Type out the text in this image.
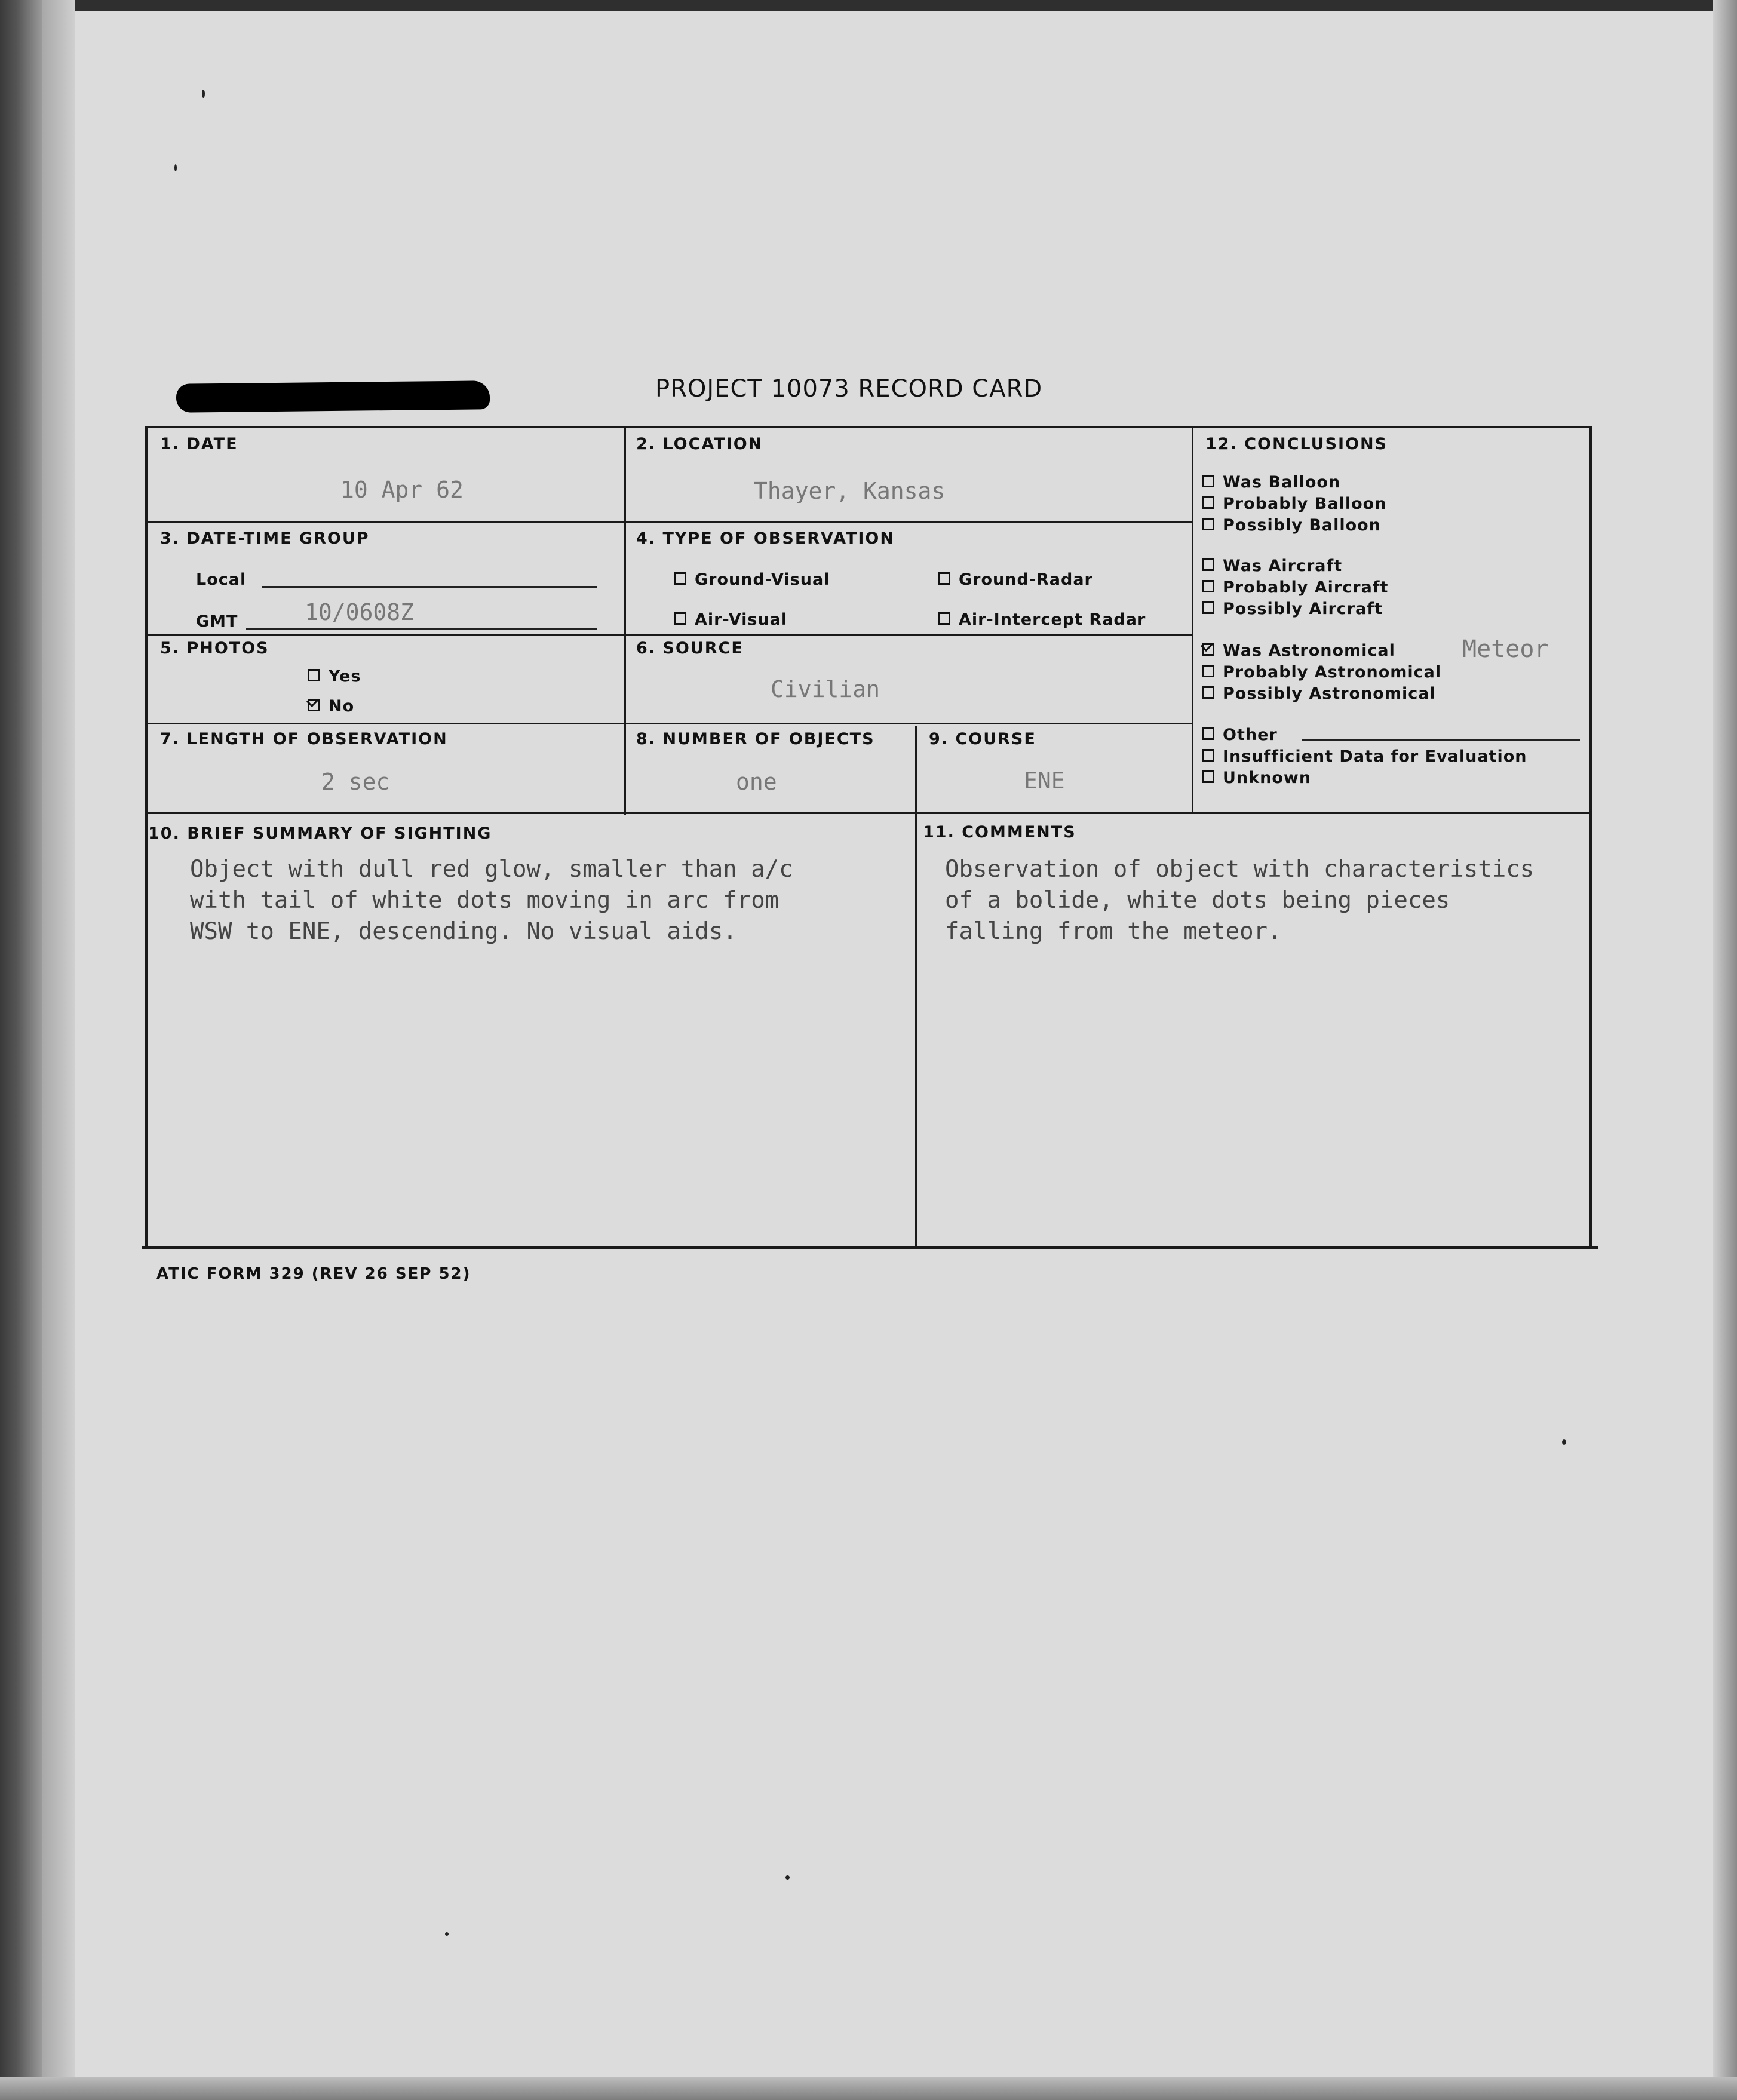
PROJECT 10073 RECORD CARD
1. DATE
10 Apr 62
2. LOCATION
Thayer, Kansas
3. DATE-TIME GROUP
Local
GMT	10/0608Z
4. TYPE OF OBSERVATION
Ground-Visual	Ground-Radar
Air-Visual	Air-Intercept Radar
5. PHOTOS
Yes
No
6. SOURCE
Civilian
7. LENGTH OF OBSERVATION
2 sec
8. NUMBER OF OBJECTS
one
9. COURSE
ENE
10. BRIEF SUMMARY OF SIGHTING
Object with dull red glow, smaller than a/c
with tail of white dots moving in arc from
WSW to ENE, descending. No visual aids.
11. COMMENTS
Observation of object with characteristics
of a bolide, white dots being pieces
falling from the meteor.
12. CONCLUSIONS
Was Balloon
Probably Balloon
Possibly Balloon
Was Aircraft
Probably Aircraft
Possibly Aircraft
Was Astronomical	Meteor
Probably Astronomical
Possibly Astronomical
Other
Insufficient Data for Evaluation
Unknown
ATIC FORM 329 (REV 26 SEP 52)
